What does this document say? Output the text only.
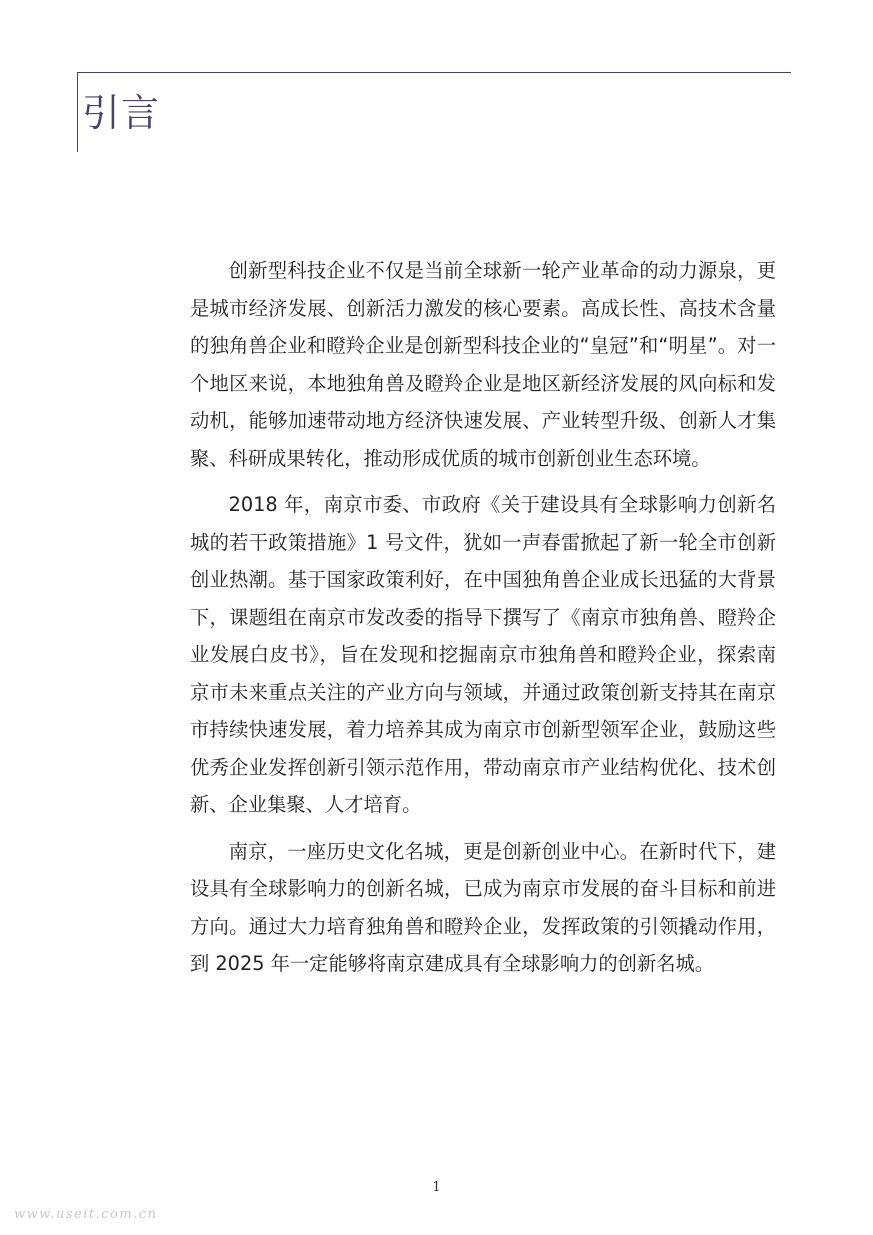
引言

创新型科技企业不仅是当前全球新一轮产业革命的动力源泉，更是城市经济发展、创新活力激发的核心要素。高成长性、高技术含量的独角兽企业和瞪羚企业是创新型科技企业的“皇冠”和“明星”。对一个地区来说，本地独角兽及瞪羚企业是地区新经济发展的风向标和发动机，能够加速带动地方经济快速发展、产业转型升级、创新人才集聚、科研成果转化，推动形成优质的城市创新创业生态环境。

2018 年，南京市委、市政府《关于建设具有全球影响力创新名城的若干政策措施》1 号文件，犹如一声春雷掀起了新一轮全市创新创业热潮。基于国家政策利好，在中国独角兽企业成长迅猛的大背景下，课题组在南京市发改委的指导下撰写了《南京市独角兽、瞪羚企业发展白皮书》，旨在发现和挖掘南京市独角兽和瞪羚企业，探索南京市未来重点关注的产业方向与领域，并通过政策创新支持其在南京市持续快速发展，着力培养其成为南京市创新型领军企业，鼓励这些优秀企业发挥创新引领示范作用，带动南京市产业结构优化、技术创新、企业集聚、人才培育。

南京，一座历史文化名城，更是创新创业中心。在新时代下，建设具有全球影响力的创新名城，已成为南京市发展的奋斗目标和前进方向。通过大力培育独角兽和瞪羚企业，发挥政策的引领撬动作用，到 2025 年一定能够将南京建成具有全球影响力的创新名城。

1
www.useit.com.cn
